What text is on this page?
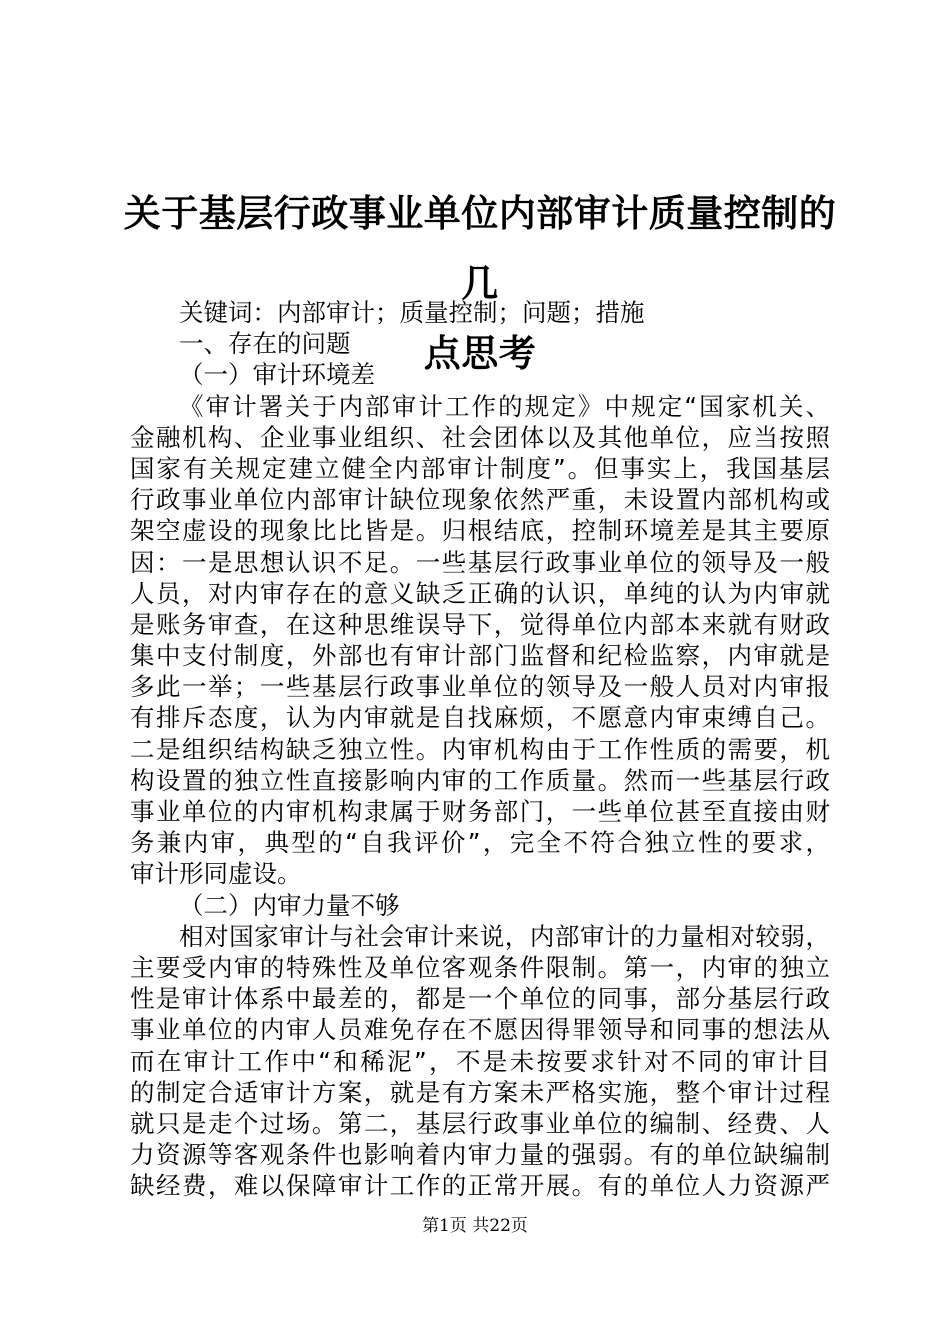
关于基层行政事业单位内部审计质量控制的几
点思考
关键词：内部审计；质量控制；问题；措施
一、存在的问题
（一）审计环境差
《审计署关于内部审计工作的规定》中规定“国家机关、
金融机构、企业事业组织、社会团体以及其他单位，应当按照
国家有关规定建立健全内部审计制度”。但事实上，我国基层
行政事业单位内部审计缺位现象依然严重，未设置内部机构或
架空虚设的现象比比皆是。归根结底，控制环境差是其主要原
因：一是思想认识不足。一些基层行政事业单位的领导及一般
人员，对内审存在的意义缺乏正确的认识，单纯的认为内审就
是账务审查，在这种思维误导下，觉得单位内部本来就有财政
集中支付制度，外部也有审计部门监督和纪检监察，内审就是
多此一举；一些基层行政事业单位的领导及一般人员对内审报
有排斥态度，认为内审就是自找麻烦，不愿意内审束缚自己。
二是组织结构缺乏独立性。内审机构由于工作性质的需要，机
构设置的独立性直接影响内审的工作质量。然而一些基层行政
事业单位的内审机构隶属于财务部门，一些单位甚至直接由财
务兼内审，典型的“自我评价”，完全不符合独立性的要求，
审计形同虚设。
（二）内审力量不够
相对国家审计与社会审计来说，内部审计的力量相对较弱，
主要受内审的特殊性及单位客观条件限制。第一，内审的独立
性是审计体系中最差的，都是一个单位的同事，部分基层行政
事业单位的内审人员难免存在不愿因得罪领导和同事的想法从
而在审计工作中“和稀泥”，不是未按要求针对不同的审计目
的制定合适审计方案，就是有方案未严格实施，整个审计过程
就只是走个过场。第二，基层行政事业单位的编制、经费、人
力资源等客观条件也影响着内审力量的强弱。有的单位缺编制
缺经费，难以保障审计工作的正常开展。有的单位人力资源严
第1页 共22页
